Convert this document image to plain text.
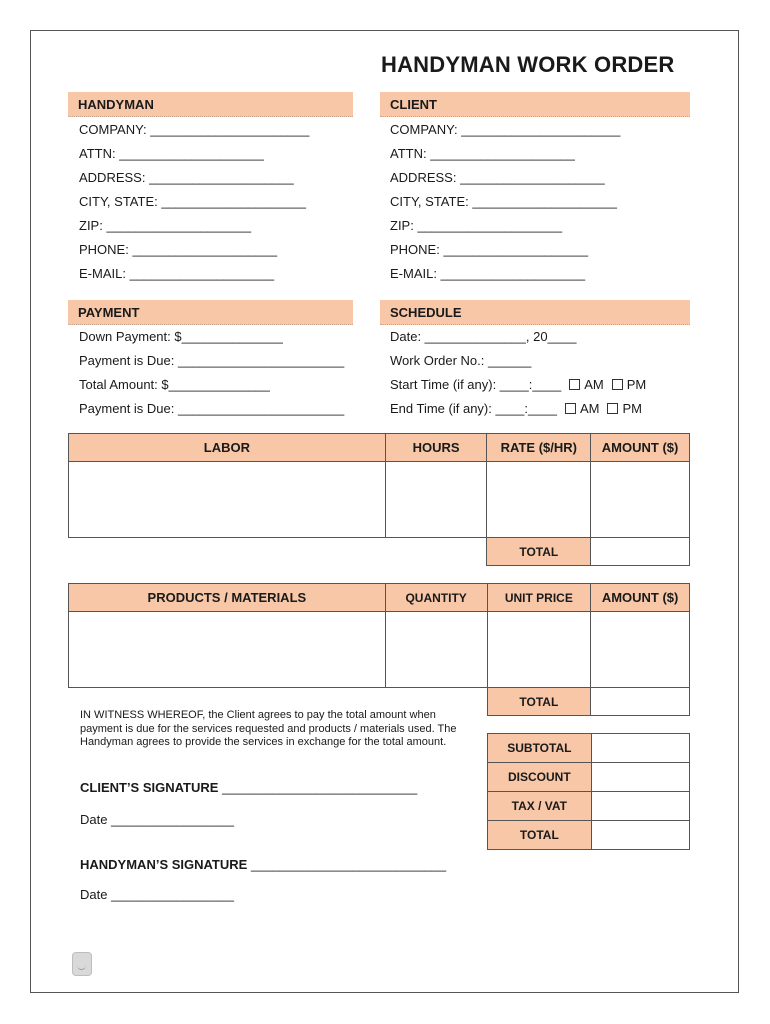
HANDYMAN WORK ORDER
HANDYMAN	CLIENT
COMPANY: ______________________
ATTN: ____________________
ADDRESS: ____________________
CITY, STATE: ____________________
ZIP: ____________________
PHONE: ____________________
E-MAIL: ____________________
COMPANY: ______________________
ATTN: ____________________
ADDRESS: ____________________
CITY, STATE: ____________________
ZIP: ____________________
PHONE: ____________________
E-MAIL: ____________________
PAYMENT	SCHEDULE
Down Payment: $______________
Payment is Due: _______________________
Total Amount: $______________
Payment is Due: _______________________
Date: ______________, 20____
Work Order No.: ______
Start Time (if any): ____:____ AM PM
End Time (if any): ____:____ AM PM
LABOR	HOURS	RATE ($/HR)	AMOUNT ($)

		TOTAL	
PRODUCTS / MATERIALS	QUANTITY	UNIT PRICE	AMOUNT ($)

		TOTAL	
SUBTOTAL	
DISCOUNT	
TAX / VAT	
TOTAL	
IN WITNESS WHEREOF, the Client agrees to pay the total amount when payment is due for the services requested and products / materials used. The Handyman agrees to provide the services in exchange for the total amount.
CLIENT’S SIGNATURE ___________________________
Date _________________
HANDYMAN’S SIGNATURE ___________________________
Date _________________
